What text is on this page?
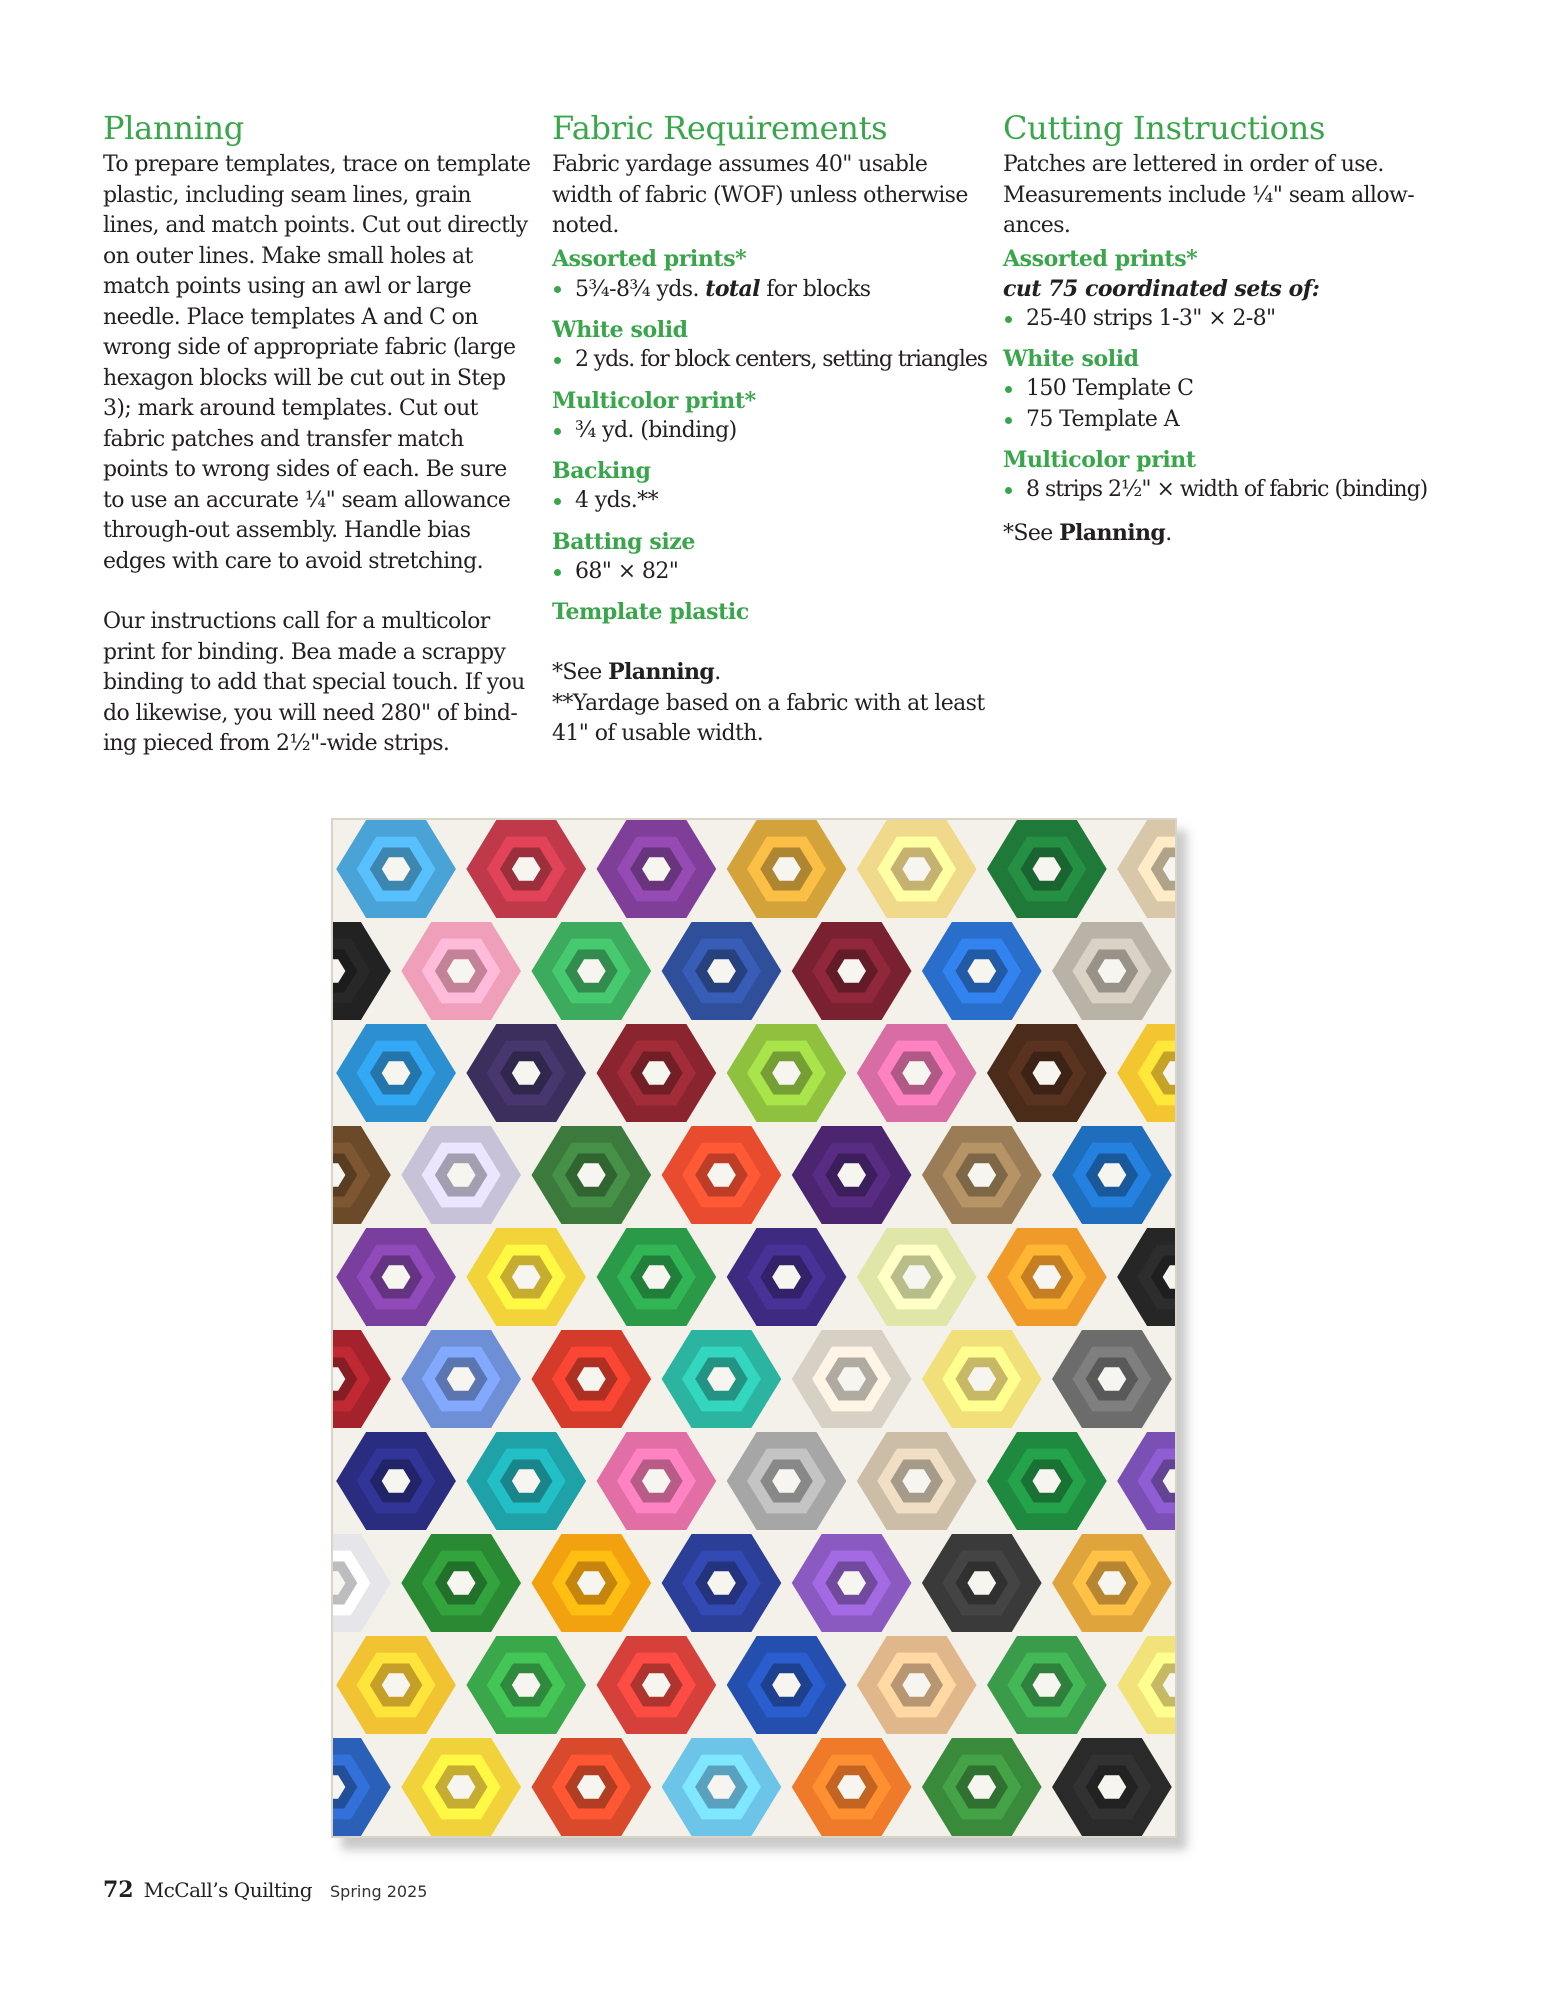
Planning

To prepare templates, trace on template plastic, including seam lines, grain lines, and match points. Cut out directly on outer lines. Make small holes at match points using an awl or large needle. Place templates A and C on wrong side of appropriate fabric (large hexagon blocks will be cut out in Step 3); mark around templates. Cut out fabric patches and transfer match points to wrong sides of each. Be sure to use an accurate ¼" seam allowance through-out assembly. Handle bias edges with care to avoid stretching.

Our instructions call for a multicolor print for binding. Bea made a scrappy binding to add that special touch. If you do likewise, you will need 280" of bind-ing pieced from 2½"-wide strips.

Fabric Requirements

Fabric yardage assumes 40" usable width of fabric (WOF) unless otherwise noted.

Assorted prints*
5¾-8¾ yds. total for blocks
White solid
2 yds. for block centers, setting triangles
Multicolor print*
¾ yd. (binding)
Backing
4 yds.**
Batting size
68" × 82"
Template plastic
*See Planning.
**Yardage based on a fabric with at least 41" of usable width.
Cutting Instructions

Patches are lettered in order of use. Measurements include ¼" seam allow-ances.

Assorted prints*
cut 75 coordinated sets of:
25-40 strips 1-3" × 2-8"
White solid
150 Template C
75 Template A
Multicolor print
8 strips 2½" × width of fabric (binding)
*See Planning.
72 McCall’s Quilting Spring 2025
